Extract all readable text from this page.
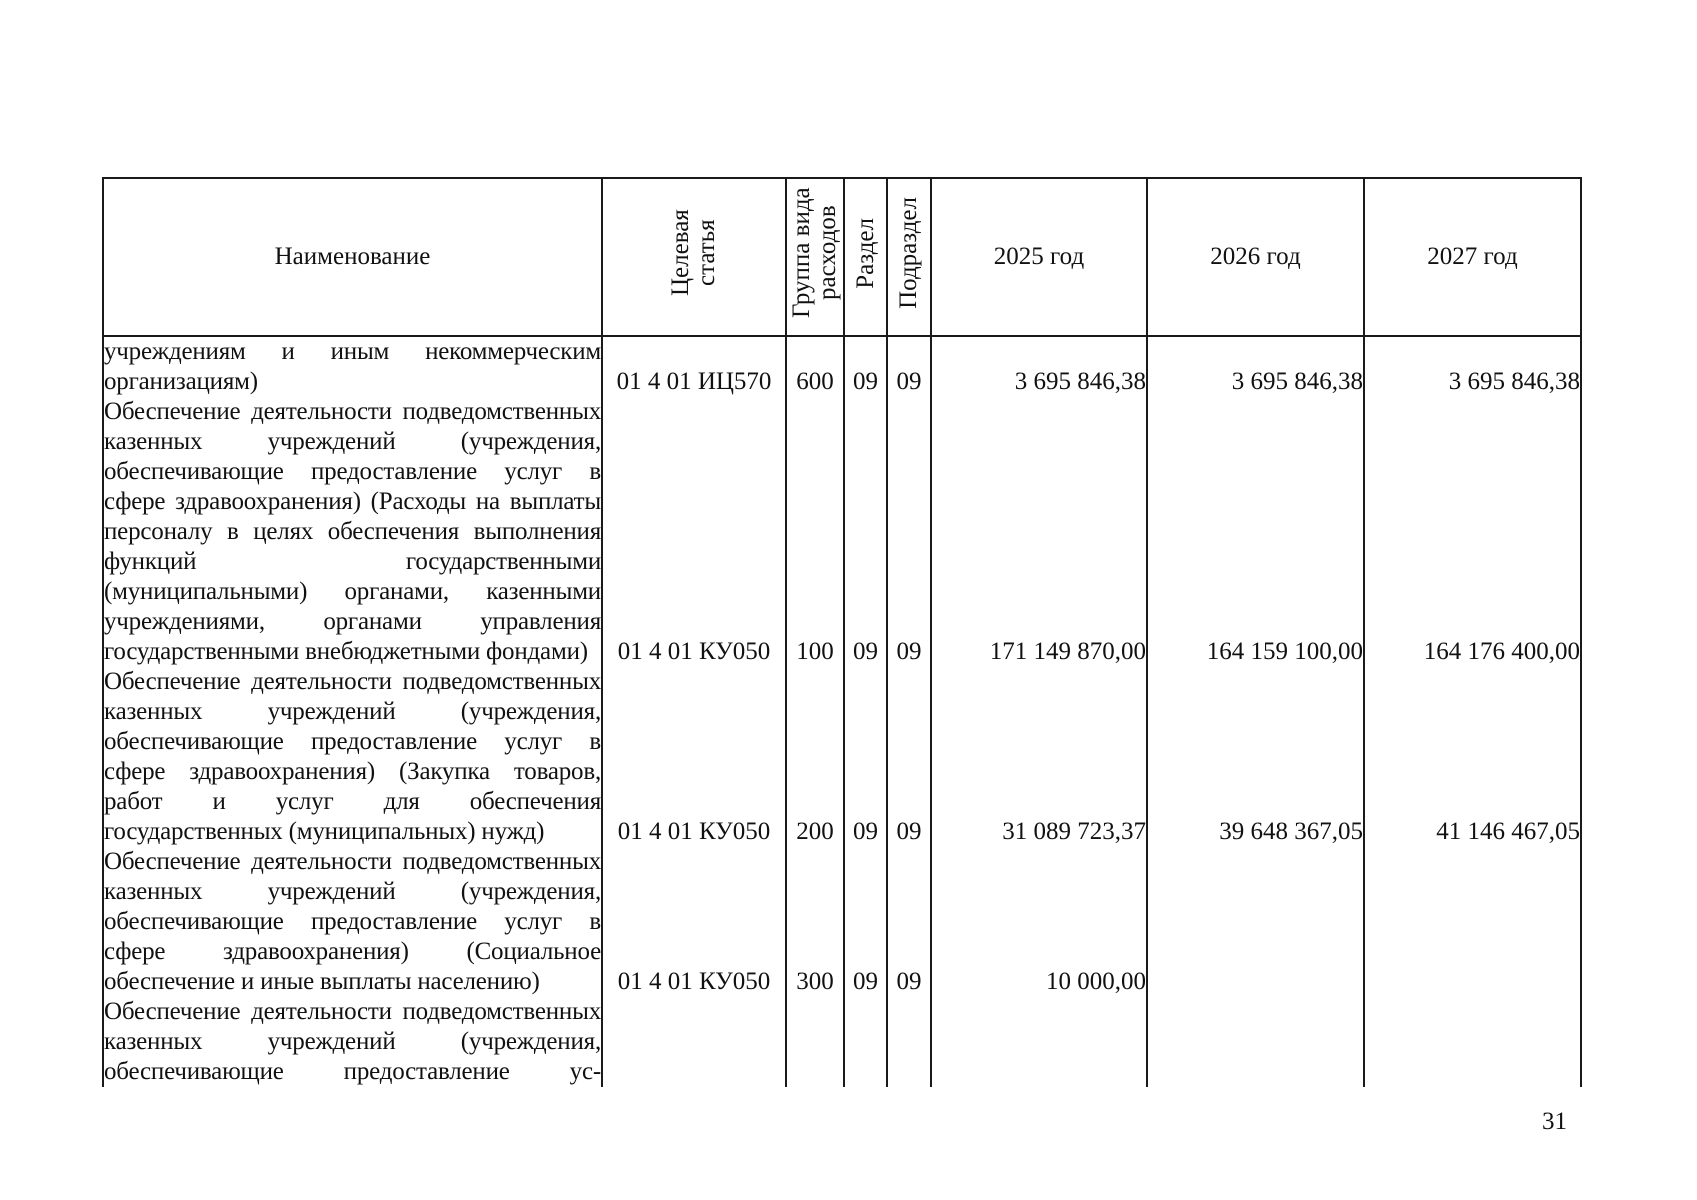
Наименование	Целевая статья	Группа вида расходов	Раздел	Подраздел	2025 год	2026 год	2027 год
учреждениям и иным некоммерческим организациям)	01 4 01 ИЦ570	600	09	09	3 695 846,38	3 695 846,38	3 695 846,38
Обеспечение деятельности подведомственных казенных учреждений (учреждения, обеспечивающие предоставление услуг в сфере здравоохранения) (Расходы на выплаты персоналу в целях обеспечения выполнения функций государственными (муниципальными) органами, казенными учреждениями, органами управления государственными внебюджетными фондами)	01 4 01 КУ050	100	09	09	171 149 870,00	164 159 100,00	164 176 400,00
Обеспечение деятельности подведомственных казенных учреждений (учреждения, обеспечивающие предоставление услуг в сфере здравоохранения) (Закупка товаров, работ и услуг для обеспечения государственных (муниципальных) нужд)	01 4 01 КУ050	200	09	09	31 089 723,37	39 648 367,05	41 146 467,05
Обеспечение деятельности подведомственных казенных учреждений (учреждения, обеспечивающие предоставление услуг в сфере здравоохранения) (Социальное обеспечение и иные выплаты населению)	01 4 01 КУ050	300	09	09	10 000,00		
Обеспечение деятельности подведомственных казенных учреждений (учреждения, обеспечивающие предоставление ус-							
31
